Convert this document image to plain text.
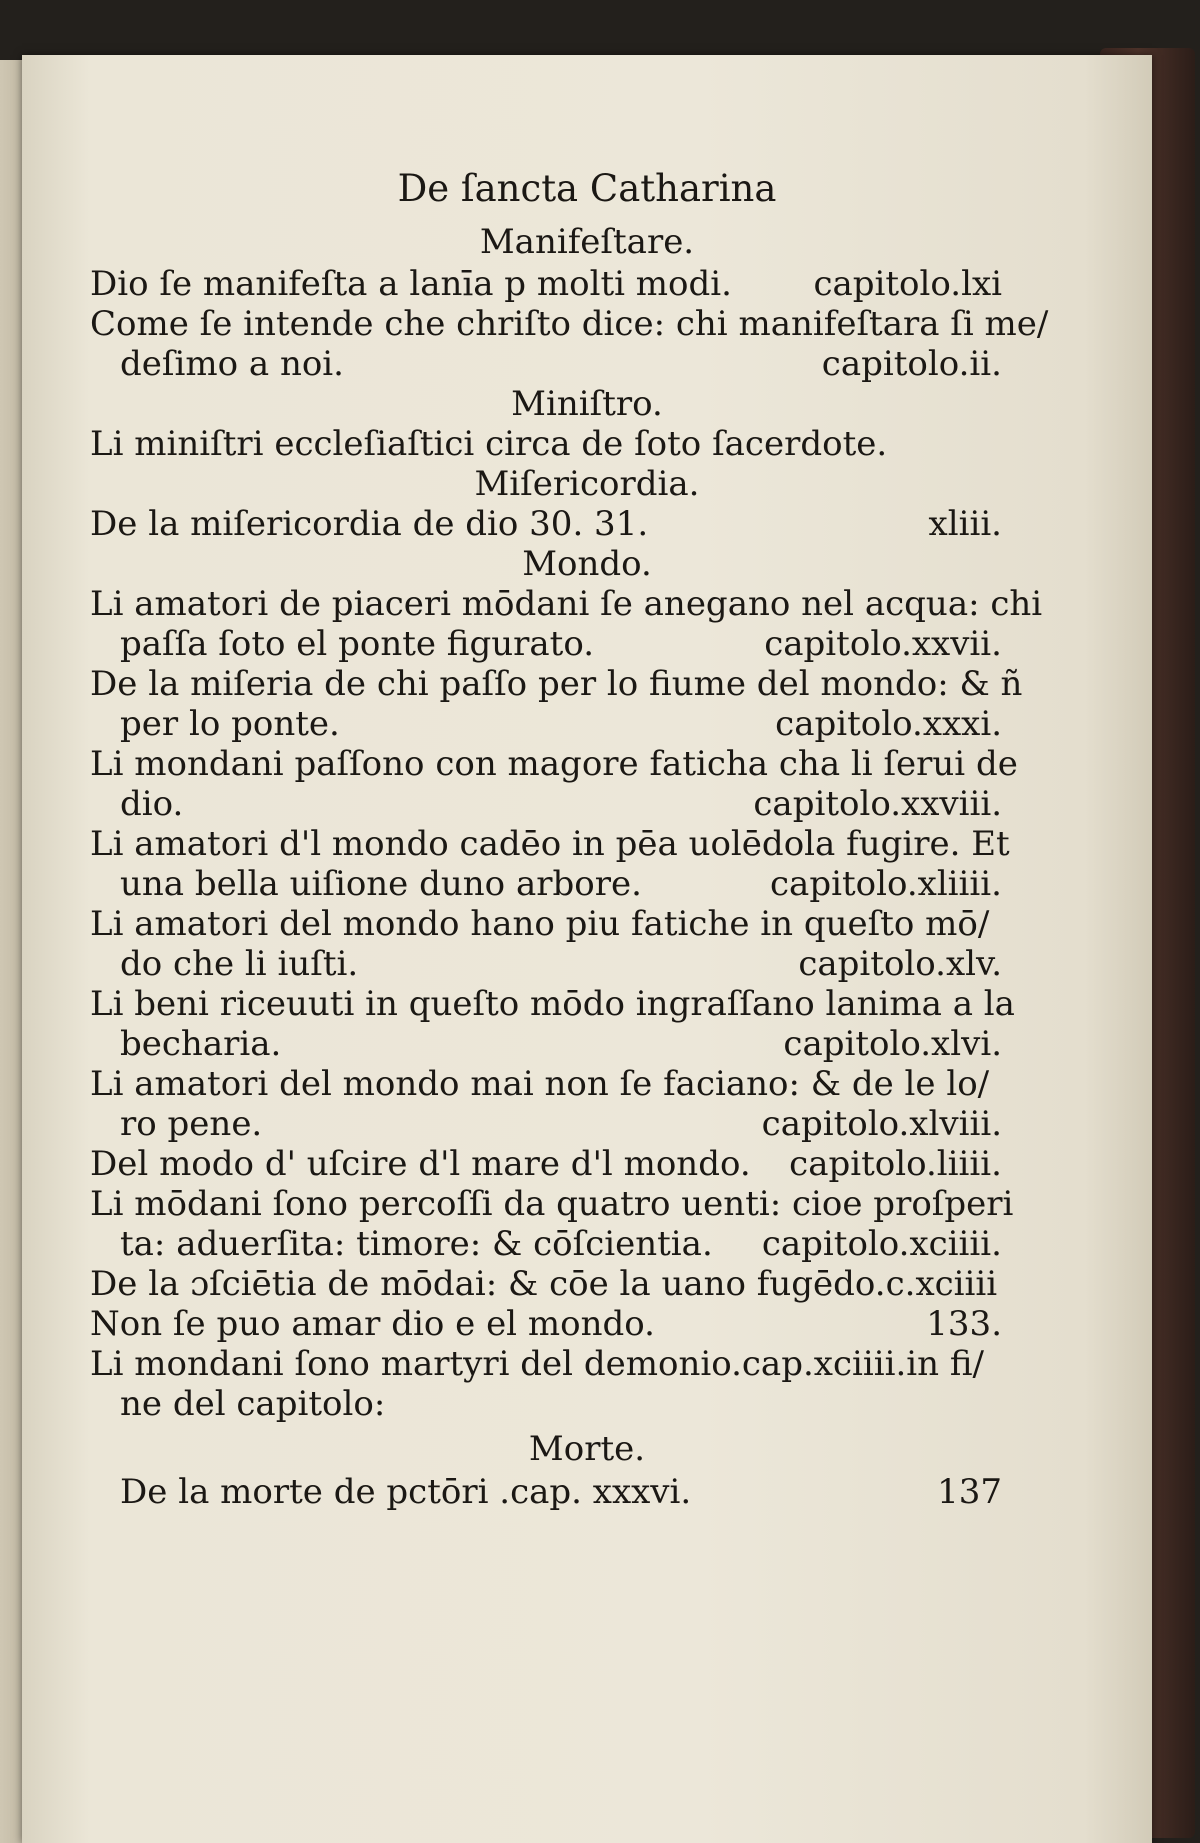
De ſancta Catharina
Manifeſtare.
Dio ſe manifeſta a lanīa p molti modi. capitolo.lxi
Come ſe intende che chriſto dice: chi manifeſtara ſi me/
deſimo a noi.	capitolo.ii.
Miniſtro.
Li miniſtri eccleſiaſtici circa de ſoto ſacerdote.
Miſericordia.
De la miſericordia de dio 30. 31.	xliii.
Mondo.
Li amatori de piaceri mōdani ſe anegano nel acqua: chi
paſſa ſoto el ponte figurato.	capitolo.xxvii.
De la miſeria de chi paſſo per lo fiume del mondo: & ñ
per lo ponte.	capitolo.xxxi.
Li mondani paſſono con magore faticha cha li ſerui de
dio.	capitolo.xxviii.
Li amatori d'l mondo cadēo in pēa uolēdola fugire. Et
una bella uiſione duno arbore.	capitolo.xliiii.
Li amatori del mondo hano piu fatiche in queſto mō/
do che li iuſti.	capitolo.xlv.
Li beni riceuuti in queſto mōdo ingraſſano lanima a la
becharia.	capitolo.xlvi.
Li amatori del mondo mai non ſe faciano: & de le lo/
ro pene.	capitolo.xlviii.
Del modo d' uſcire d'l mare d'l mondo. capitolo.liiii.
Li mōdani ſono percoſſi da quatro uenti: cioe proſperi
ta: aduerſita: timore: & cōſcientia. capitolo.xciiii.
De la ɔſciētia de mōdai: & cōe la uano fugēdo.c.xciiii
Non ſe puo amar dio e el mondo.	133.
Li mondani ſono martyri del demonio.cap.xciiii.in fi/
ne del capitolo:
Morte.
De la morte de pctōri .cap. xxxvi.	137
